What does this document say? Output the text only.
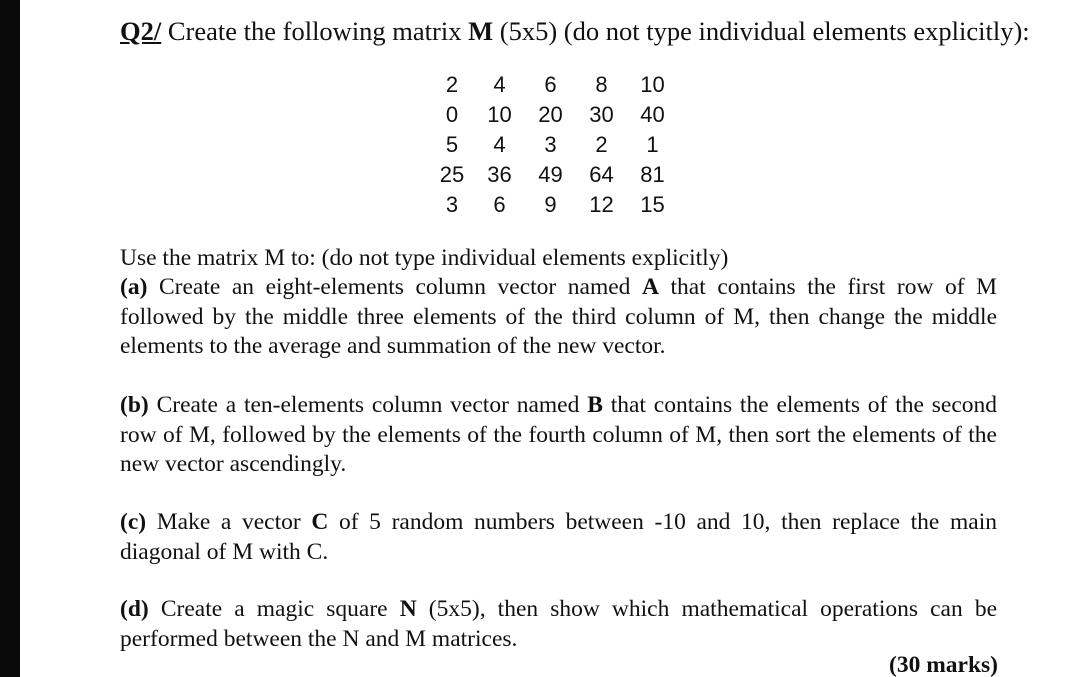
Q2/ Create the following matrix M (5x5) (do not type individual elements explicitly):
2	4	6	8	10
0	10	20	30	40
5	4	3	2	1
25	36	49	64	81
3	6	9	12	15
Use the matrix M to: (do not type individual elements explicitly)
(a) Create an eight-elements column vector named A that contains the first row of M followed by the middle three elements of the third column of M, then change the middle elements to the average and summation of the new vector.
(b) Create a ten-elements column vector named B that contains the elements of the second row of M, followed by the elements of the fourth column of M, then sort the elements of the new vector ascendingly.
(c) Make a vector C of 5 random numbers between -10 and 10, then replace the main diagonal of M with C.
(d) Create a magic square N (5x5), then show which mathematical operations can be performed between the N and M matrices.
(30 marks)
